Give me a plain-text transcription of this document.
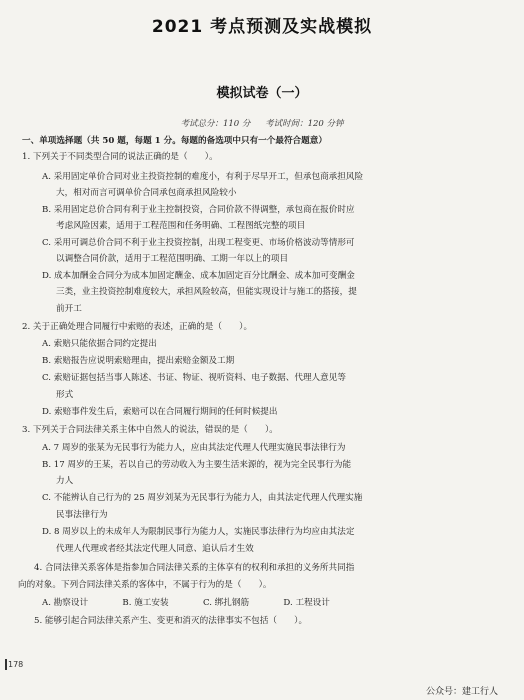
2021 考点预测及实战模拟
模拟试卷（一）
考试总分：110 分 考试时间：120 分钟
一、单项选择题（共 50 题，每题 1 分。每题的备选项中只有一个最符合题意）
1. 下列关于不同类型合同的说法正确的是（　　）。
A. 采用固定单价合同对业主投资控制的难度小，有利于尽早开工，但承包商承担风险
大，相对而言可调单价合同承包商承担风险较小
B. 采用固定总价合同有利于业主控制投资，合同价款不得调整，承包商在报价时应
考虑风险因素，适用于工程范围和任务明确、工程图纸完整的项目
C. 采用可调总价合同不利于业主投资控制，出现工程变更、市场价格波动等情形可
以调整合同价款，适用于工程范围明确、工期一年以上的项目
D. 成本加酬金合同分为成本加固定酬金、成本加固定百分比酬金、成本加可变酬金
三类，业主投资控制难度较大，承担风险较高，但能实现设计与施工的搭接，提
前开工
2. 关于正确处理合同履行中索赔的表述，正确的是（　　）。
A. 索赔只能依据合同约定提出
B. 索赔报告应说明索赔理由，提出索赔金额及工期
C. 索赔证据包括当事人陈述、书证、物证、视听资料、电子数据、代理人意见等
形式
D. 索赔事件发生后，索赔可以在合同履行期间的任何时候提出
3. 下列关于合同法律关系主体中自然人的说法，错误的是（　　）。
A. 7 周岁的张某为无民事行为能力人，应由其法定代理人代理实施民事法律行为
B. 17 周岁的王某，若以自己的劳动收入为主要生活来源的，视为完全民事行为能
力人
C. 不能辨认自己行为的 25 周岁刘某为无民事行为能力人，由其法定代理人代理实施
民事法律行为
D. 8 周岁以上的未成年人为限制民事行为能力人，实施民事法律行为均应由其法定
代理人代理或者经其法定代理人同意、追认后才生效
4. 合同法律关系客体是指参加合同法律关系的主体享有的权利和承担的义务所共同指
向的对象。下列合同法律关系的客体中，不属于行为的是（　　）。
A. 勘察设计　　　　B. 施工安装　　　　C. 绑扎钢筋　　　　D. 工程设计
5. 能够引起合同法律关系产生、变更和消灭的法律事实不包括（　　）。
178
公众号：建工行人
